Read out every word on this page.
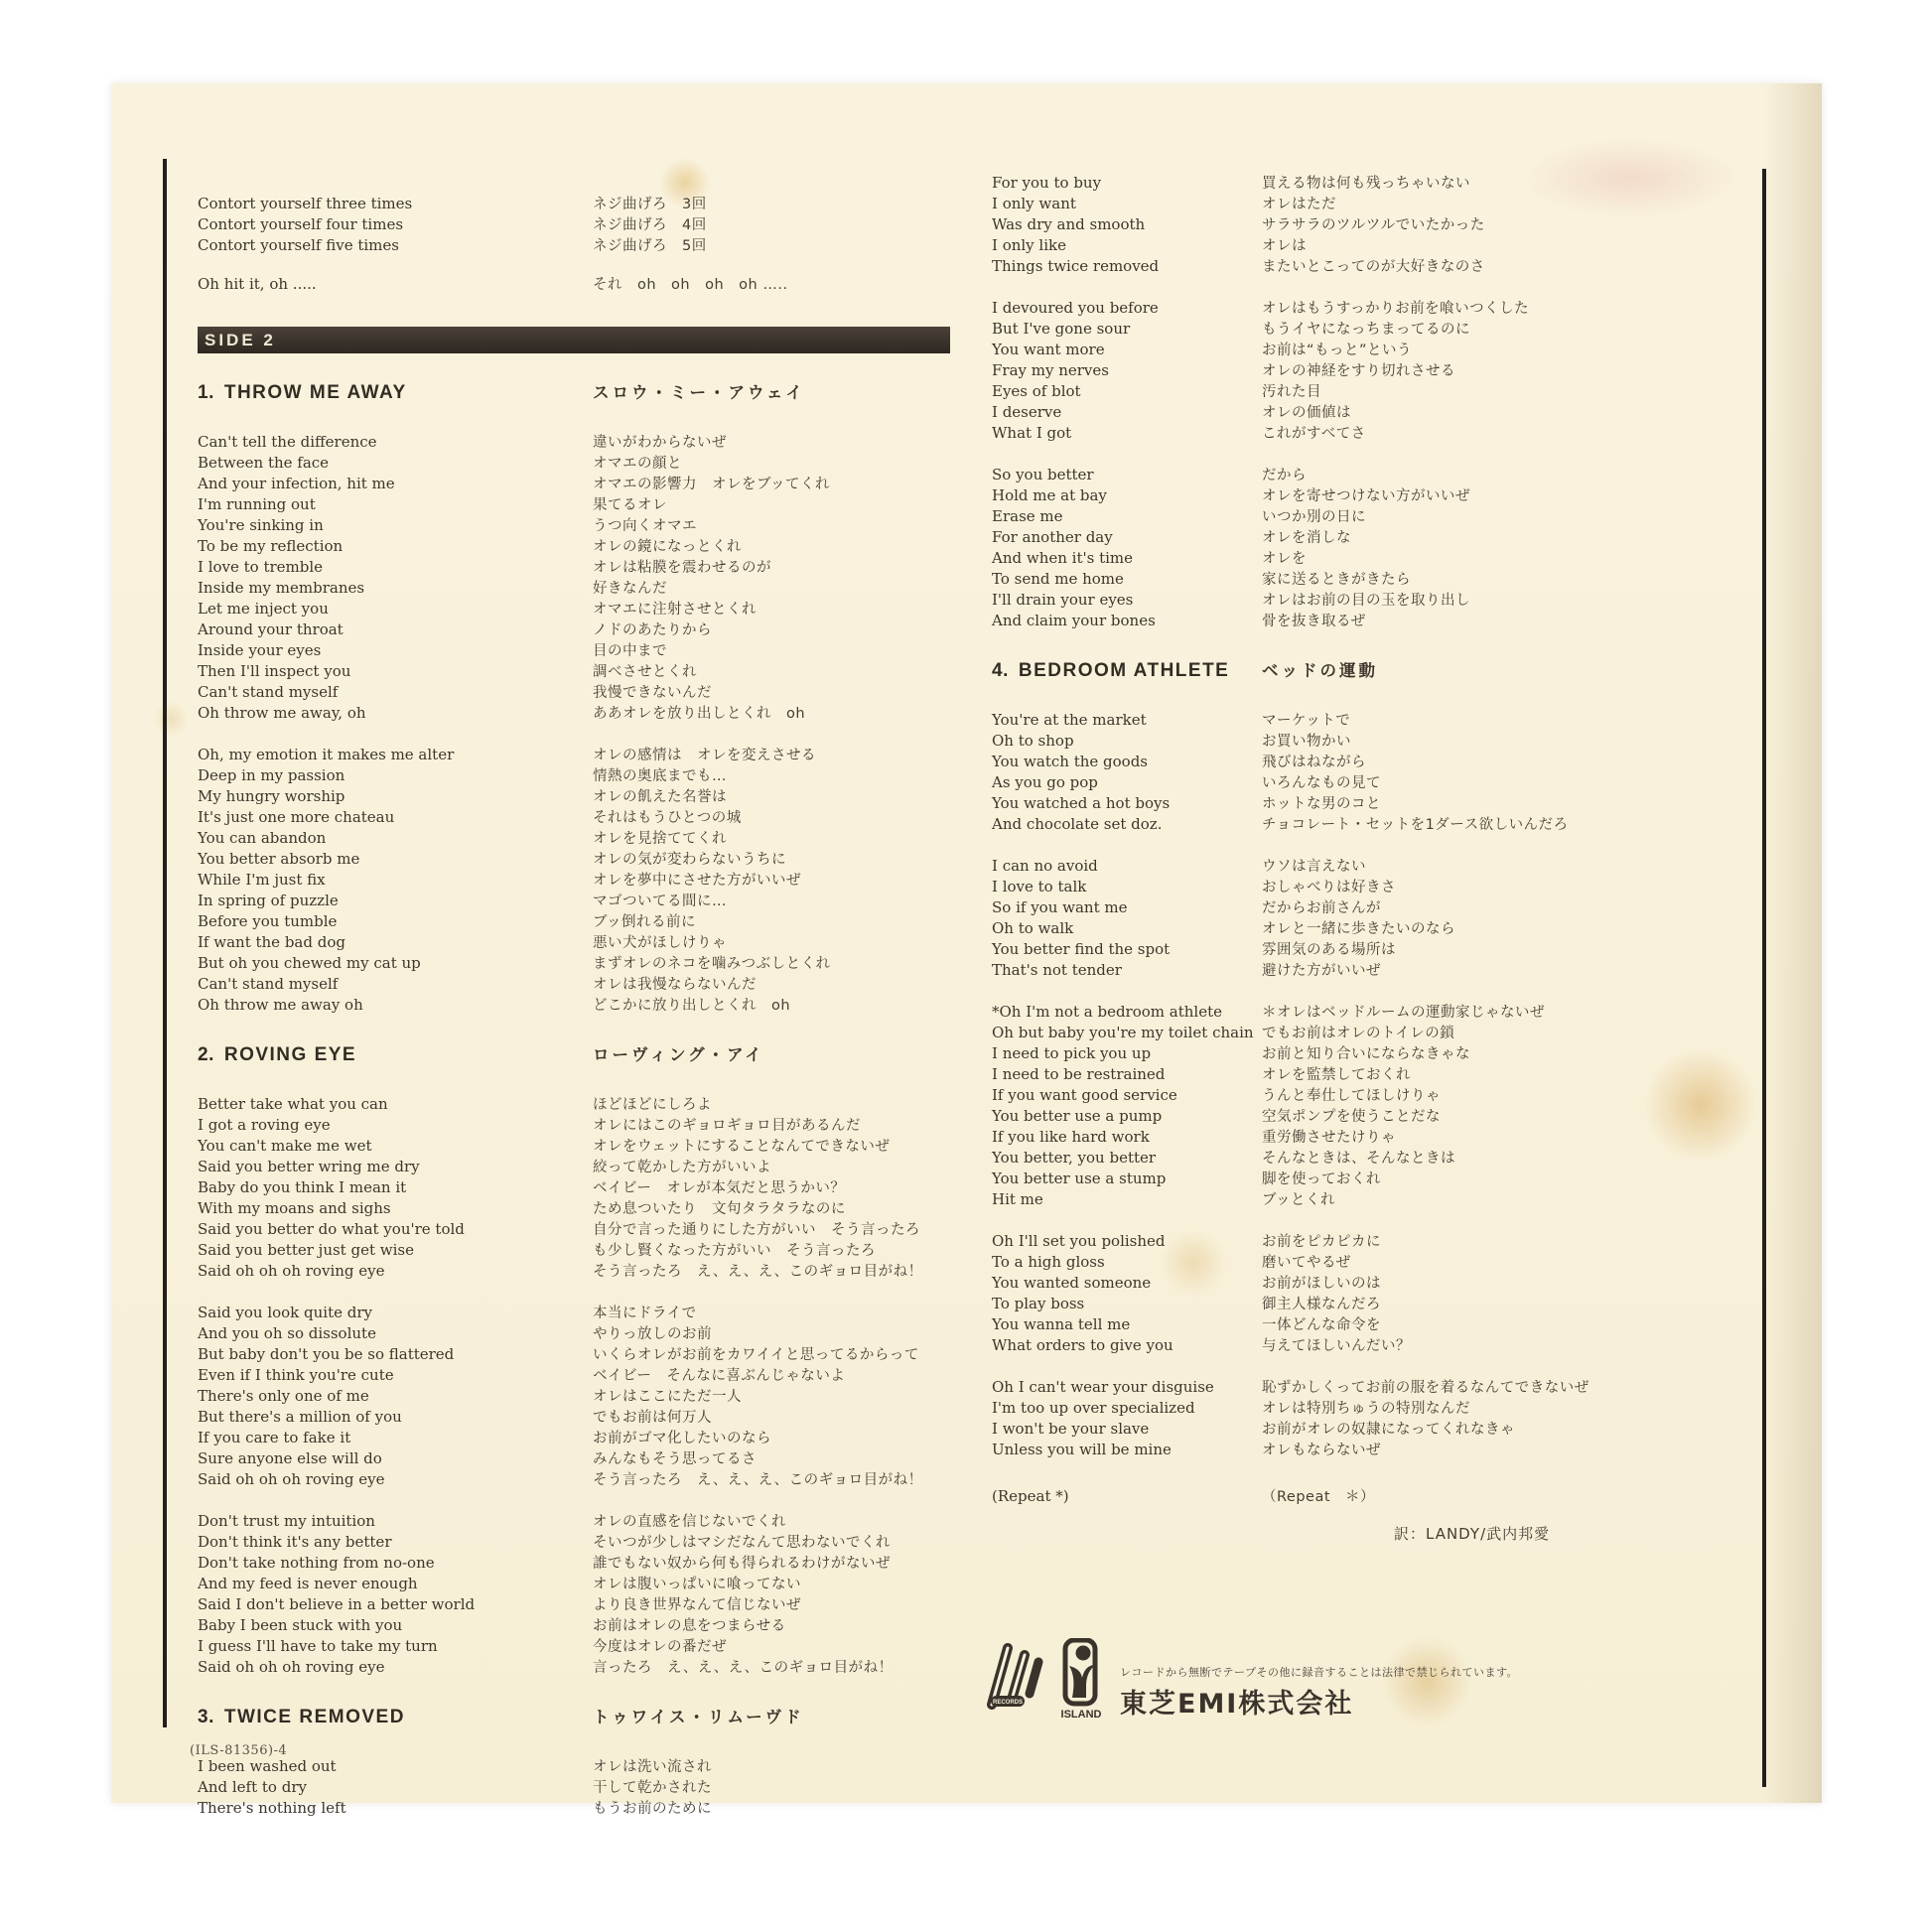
Contort yourself three times	ネジ曲げろ　3回
Contort yourself four times	ネジ曲げろ　4回
Contort yourself five times	ネジ曲げろ　5回
Oh hit it, oh .....	それ　oh　oh　oh　oh …..
SIDE 2
1. THROW ME AWAY	スロウ・ミー・アウェイ
Can't tell the difference	違いがわからないぜ
Between the face	オマエの顔と
And your infection, hit me	オマエの影響力　オレをブッてくれ
I'm running out	果てるオレ
You're sinking in	うつ向くオマエ
To be my reflection	オレの鏡になっとくれ
I love to tremble	オレは粘膜を震わせるのが
Inside my membranes	好きなんだ
Let me inject you	オマエに注射させとくれ
Around your throat	ノドのあたりから
Inside your eyes	目の中まで
Then I'll inspect you	調べさせとくれ
Can't stand myself	我慢できないんだ
Oh throw me away, oh	ああオレを放り出しとくれ　oh
Oh, my emotion it makes me alter	オレの感情は　オレを変えさせる
Deep in my passion	情熱の奥底までも…
My hungry worship	オレの飢えた名誉は
It's just one more chateau	それはもうひとつの城
You can abandon	オレを見捨ててくれ
You better absorb me	オレの気が変わらないうちに
While I'm just fix	オレを夢中にさせた方がいいぜ
In spring of puzzle	マゴついてる間に…
Before you tumble	ブッ倒れる前に
If want the bad dog	悪い犬がほしけりゃ
But oh you chewed my cat up	まずオレのネコを噛みつぶしとくれ
Can't stand myself	オレは我慢ならないんだ
Oh throw me away oh	どこかに放り出しとくれ　oh
2. ROVING EYE	ローヴィング・アイ
Better take what you can	ほどほどにしろよ
I got a roving eye	オレにはこのギョロギョロ目があるんだ
You can't make me wet	オレをウェットにすることなんてできないぜ
Said you better wring me dry	絞って乾かした方がいいよ
Baby do you think I mean it	ベイビー　オレが本気だと思うかい？
With my moans and sighs	ため息ついたり　文句タラタラなのに
Said you better do what you're told	自分で言った通りにした方がいい　そう言ったろ
Said you better just get wise	も少し賢くなった方がいい　そう言ったろ
Said oh oh oh roving eye	そう言ったろ　え、え、え、このギョロ目がね！
Said you look quite dry	本当にドライで
And you oh so dissolute	やりっ放しのお前
But baby don't you be so flattered	いくらオレがお前をカワイイと思ってるからって
Even if I think you're cute	ベイビー　そんなに喜ぶんじゃないよ
There's only one of me	オレはここにただ一人
But there's a million of you	でもお前は何万人
If you care to fake it	お前がゴマ化したいのなら
Sure anyone else will do	みんなもそう思ってるさ
Said oh oh oh roving eye	そう言ったろ　え、え、え、このギョロ目がね！
Don't trust my intuition	オレの直感を信じないでくれ
Don't think it's any better	そいつが少しはマシだなんて思わないでくれ
Don't take nothing from no-one	誰でもない奴から何も得られるわけがないぜ
And my feed is never enough	オレは腹いっぱいに喰ってない
Said I don't believe in a better world	より良き世界なんて信じないぜ
Baby I been stuck with you	お前はオレの息をつまらせる
I guess I'll have to take my turn	今度はオレの番だぜ
Said oh oh oh roving eye	言ったろ　え、え、え、このギョロ目がね！
3. TWICE REMOVED	トゥワイス・リムーヴド
I been washed out	オレは洗い流され
And left to dry	干して乾かされた
There's nothing left	もうお前のために
For you to buy	買える物は何も残っちゃいない
I only want	オレはただ
Was dry and smooth	サラサラのツルツルでいたかった
I only like	オレは
Things twice removed	またいとこってのが大好きなのさ
I devoured you before	オレはもうすっかりお前を喰いつくした
But I've gone sour	もうイヤになっちまってるのに
You want more	お前は“もっと”という
Fray my nerves	オレの神経をすり切れさせる
Eyes of blot	汚れた目
I deserve	オレの価値は
What I got	これがすべてさ
So you better	だから
Hold me at bay	オレを寄せつけない方がいいぜ
Erase me	いつか別の日に
For another day	オレを消しな
And when it's time	オレを
To send me home	家に送るときがきたら
I'll drain your eyes	オレはお前の目の玉を取り出し
And claim your bones	骨を抜き取るぜ
4. BEDROOM ATHLETE ベッドの運動
You're at the market	マーケットで
Oh to shop	お買い物かい
You watch the goods	飛びはねながら
As you go pop	いろんなもの見て
You watched a hot boys	ホットな男のコと
And chocolate set doz.	チョコレート・セットを1ダース欲しいんだろ
I can no avoid	ウソは言えない
I love to talk	おしゃべりは好きさ
So if you want me	だからお前さんが
Oh to walk	オレと一緒に歩きたいのなら
You better find the spot	雰囲気のある場所は
That's not tender	避けた方がいいぜ
*Oh I'm not a bedroom athlete	＊オレはベッドルームの運動家じゃないぜ
Oh but baby you're my toilet chain でもお前はオレのトイレの鎖
I need to pick you up	お前と知り合いにならなきゃな
I need to be restrained	オレを監禁しておくれ
If you want good service	うんと奉仕してほしけりゃ
You better use a pump	空気ポンプを使うことだな
If you like hard work	重労働させたけりゃ
You better, you better	そんなときは、そんなときは
You better use a stump	脚を使っておくれ
Hit me	ブッとくれ
Oh I'll set you polished	お前をピカピカに
To a high gloss	磨いてやるぜ
You wanted someone	お前がほしいのは
To play boss	御主人様なんだろ
You wanna tell me	一体どんな命令を
What orders to give you	与えてほしいんだい？
Oh I can't wear your disguise	恥ずかしくってお前の服を着るなんてできないぜ
I'm too up over specialized	オレは特別ちゅうの特別なんだ
I won't be your slave	お前がオレの奴隷になってくれなきゃ
Unless you will be mine	オレもならないぜ
(Repeat *)	（Repeat　＊）
訳：LANDY/武内邦愛
(ILS-81356)-4
RECORDS
ISLAND
レコードから無断でテープその他に録音することは法律で禁じられています。
東芝EMI株式会社
